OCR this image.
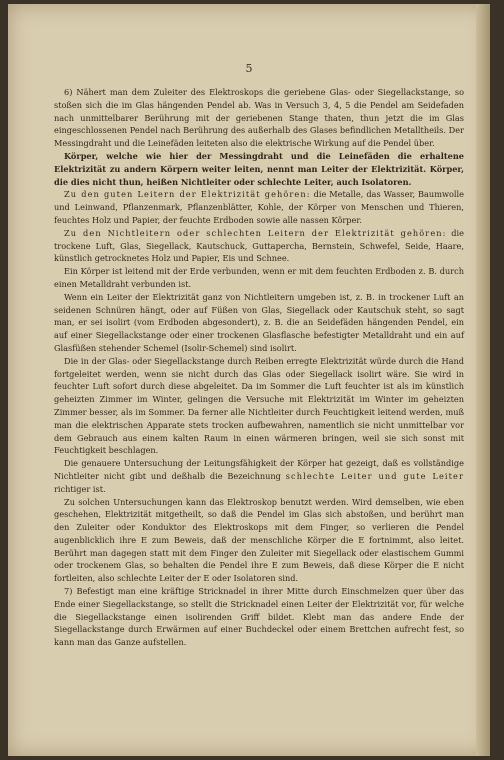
5

6) Nähert man dem Zuleiter des Elektroskops die geriebene Glas- oder Siegellackstange, so stoßen sich die im Glas hängenden Pendel ab. Was in Versuch 3, 4, 5 die Pendel am Seidefaden nach unmittelbarer Berührung mit der geriebenen Stange thaten, thun jetzt die im Glas eingeschlossenen Pendel nach Berührung des außerhalb des Glases befindlichen Metalltheils. Der Messingdraht und die Leinefäden leiteten also die elektrische Wirkung auf die Pendel über.

Körper, welche wie hier der Messingdraht und die Leinefäden die erhaltene Elektrizität zu andern Körpern weiter leiten, nennt man Leiter der Elektrizität. Körper, die dies nicht thun, heißen Nichtleiter oder schlechte Leiter, auch Isolatoren.

Zu den guten Leitern der Elektrizität gehören: die Metalle, das Wasser, Baumwolle und Leinwand, Pflanzenmark, Pflanzenblätter, Kohle, der Körper von Menschen und Thieren, feuchtes Holz und Papier, der feuchte Erdboden sowie alle nassen Körper.

Zu den Nichtleitern oder schlechten Leitern der Elektrizität gehören: die trockene Luft, Glas, Siegellack, Kautschuck, Guttapercha, Bernstein, Schwefel, Seide, Haare, künstlich getrocknetes Holz und Papier, Eis und Schnee.

Ein Körper ist leitend mit der Erde verbunden, wenn er mit dem feuchten Erdboden z. B. durch einen Metalldraht verbunden ist.

Wenn ein Leiter der Elektrizität ganz von Nichtleitern umgeben ist, z. B. in trockener Luft an seidenen Schnüren hängt, oder auf Füßen von Glas, Siegellack oder Kautschuk steht, so sagt man, er sei isolirt (vom Erdboden abgesondert), z. B. die an Seidefäden hängenden Pendel, ein auf einer Siegellackstange oder einer trockenen Glasflasche befestigter Metalldraht und ein auf Glasfüßen stehender Schemel (Isolir-Schemel) sind isolirt.

Die in der Glas- oder Siegellackstange durch Reiben erregte Elektrizität würde durch die Hand fortgeleitet werden, wenn sie nicht durch das Glas oder Siegellack isolirt wäre. Sie wird in feuchter Luft sofort durch diese abgeleitet. Da im Sommer die Luft feuchter ist als im künstlich geheizten Zimmer im Winter, gelingen die Versuche mit Elektrizität im Winter im geheizten Zimmer besser, als im Sommer. Da ferner alle Nichtleiter durch Feuchtigkeit leitend werden, muß man die elektrischen Apparate stets trocken aufbewahren, namentlich sie nicht unmittelbar vor dem Gebrauch aus einem kalten Raum in einen wärmeren bringen, weil sie sich sonst mit Feuchtigkeit beschlagen.

Die genauere Untersuchung der Leitungsfähigkeit der Körper hat gezeigt, daß es vollständige Nichtleiter nicht gibt und deßhalb die Bezeichnung schlechte Leiter und gute Leiter richtiger ist.

Zu solchen Untersuchungen kann das Elektroskop benutzt werden. Wird demselben, wie eben geschehen, Elektrizität mitgetheilt, so daß die Pendel im Glas sich abstoßen, und berührt man den Zuleiter oder Konduktor des Elektroskops mit dem Finger, so verlieren die Pendel augenblicklich ihre E zum Beweis, daß der menschliche Körper die E fortnimmt, also leitet. Berührt man dagegen statt mit dem Finger den Zuleiter mit Siegellack oder elastischem Gummi oder trockenem Glas, so behalten die Pendel ihre E zum Beweis, daß diese Körper die E nicht fortleiten, also schlechte Leiter der E oder Isolatoren sind.

7) Befestigt man eine kräftige Stricknadel in ihrer Mitte durch Einschmelzen quer über das Ende einer Siegellackstange, so stellt die Stricknadel einen Leiter der Elektrizität vor, für welche die Siegellackstange einen isolirenden Griff bildet. Klebt man das andere Ende der Siegellackstange durch Erwärmen auf einer Buchdeckel oder einem Brettchen aufrecht fest, so kann man das Ganze aufstellen.
